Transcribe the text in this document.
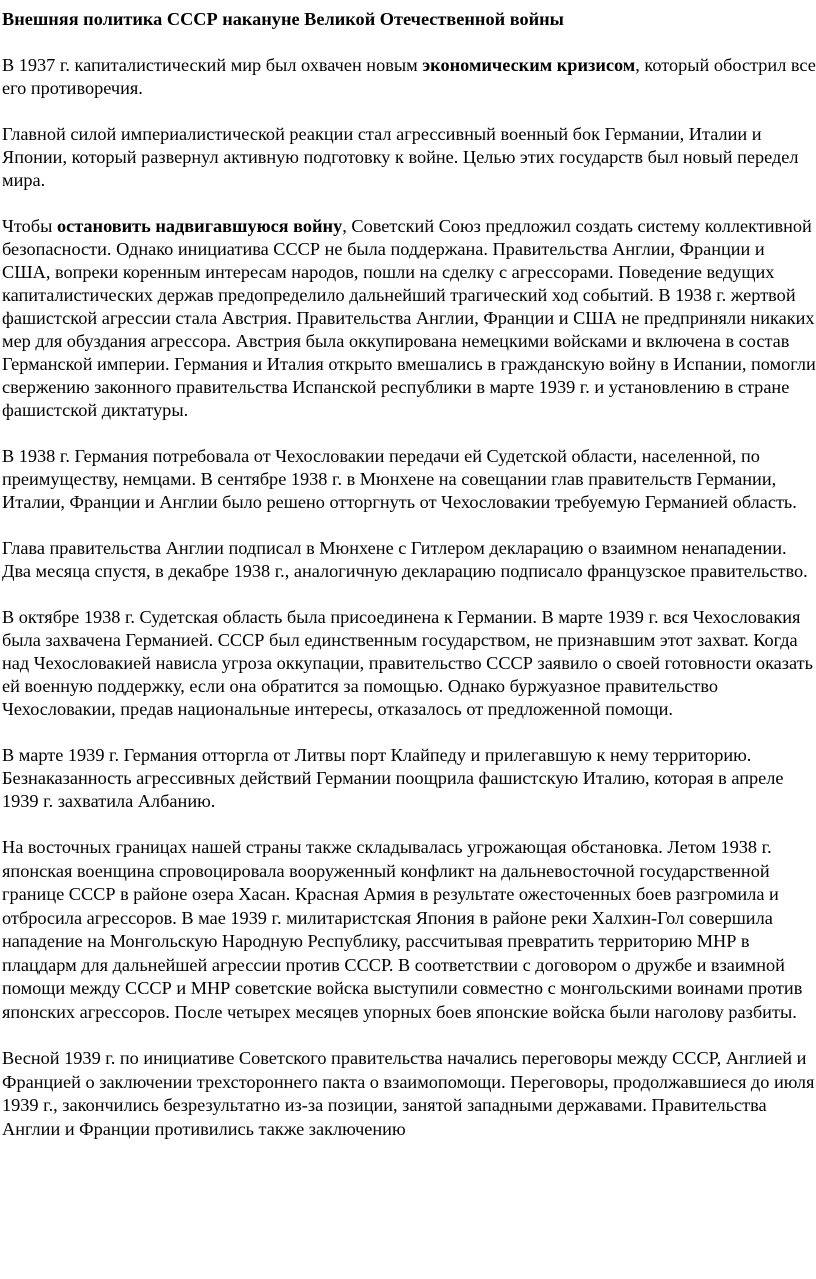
Внешняя политика СССР накануне Великой Отечественной войны

В 1937 г. капиталистический мир был охвачен новым экономическим кризисом, который обострил все его противоречия.

Главной силой империалистической реакции стал агрессивный военный бок Германии, Италии и Японии, который развернул активную подготовку к войне. Целью этих государств был новый передел мира.

Чтобы остановить надвигавшуюся войну, Советский Союз предложил создать систему коллективной безопасности. Однако инициатива СССР не была поддержана. Правительства Англии, Франции и США, вопреки коренным интересам народов, пошли на сделку с агрессорами. Поведение ведущих капиталистических держав предопределило дальнейший трагический ход событий. В 1938 г. жертвой фашистской агрессии стала Австрия. Правительства Англии, Франции и США не предприняли никаких мер для обуздания агрессора. Австрия была оккупирована немецкими войсками и включена в состав Германской империи. Германия и Италия открыто вмешались в гражданскую войну в Испании, помогли свержению законного правительства Испанской республики в марте 1939 г. и установлению в стране фашистской диктатуры.

В 1938 г. Германия потребовала от Чехословакии передачи ей Судетской области, населенной, по преимуществу, немцами. В сентябре 1938 г. в Мюнхене на совещании глав правительств Германии, Италии, Франции и Англии было решено отторгнуть от Чехословакии требуемую Германией область.

Глава правительства Англии подписал в Мюнхене с Гитлером декларацию о взаимном ненападении. Два месяца спустя, в декабре 1938 г., аналогичную декларацию подписало французское правительство.

В октябре 1938 г. Судетская область была присоединена к Германии. В марте 1939 г. вся Чехословакия была захвачена Германией. СССР был единственным государством, не признавшим этот захват. Когда над Чехословакией нависла угроза оккупации, правительство СССР заявило о своей готовности оказать ей военную поддержку, если она обратится за помощью. Однако буржуазное правительство Чехословакии, предав национальные интересы, отказалось от предложенной помощи.

В марте 1939 г. Германия отторгла от Литвы порт Клайпеду и прилегавшую к нему территорию. Безнаказанность агрессивных действий Германии поощрила фашистскую Италию, которая в апреле 1939 г. захватила Албанию.

На восточных границах нашей страны также складывалась угрожающая обстановка. Летом 1938 г. японская военщина спровоцировала вооруженный конфликт на дальневосточной государственной границе СССР в районе озера Хасан. Красная Армия в результате ожесточенных боев разгромила и отбросила агрессоров. В мае 1939 г. милитаристская Япония в районе реки Халхин-Гол совершила нападение на Монгольскую Народную Республику, рассчитывая превратить территорию МНР в плацдарм для дальнейшей агрессии против СССР. В соответствии с договором о дружбе и взаимной помощи между СССР и МНР советские войска выступили совместно с монгольскими воинами против японских агрессоров. После четырех месяцев упорных боев японские войска были наголову разбиты.

Весной 1939 г. по инициативе Советского правительства начались переговоры между СССР, Англией и Францией о заключении трехстороннего пакта о взаимопомощи. Переговоры, продолжавшиеся до июля 1939 г., закончились безрезультатно из-за позиции, занятой западными державами. Правительства Англии и Франции противились также заключению
